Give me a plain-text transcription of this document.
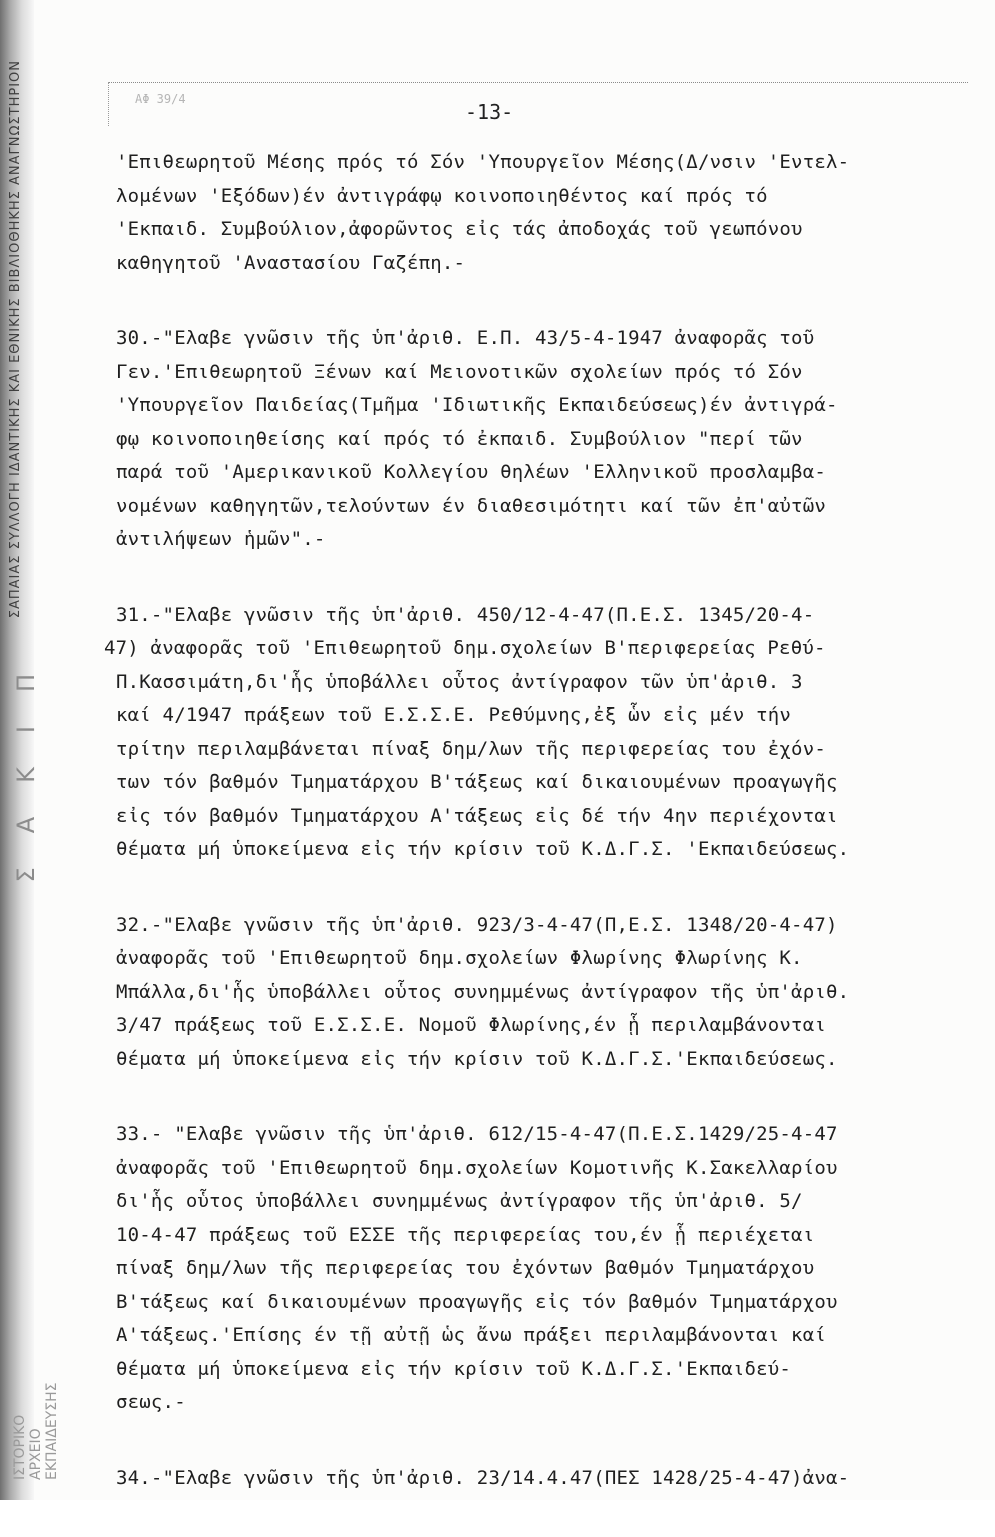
ΣΑΠΑΙΑΣ ΣΥΛΛΟΓΗ ΙΔΑΝΤΙΚΗΣ ΚΑΙ ΕΘΝΙΚΗΣ ΒΙΒΛΙΟΘΗΚΗΣ ΑΝΑΓΝΩΣΤΗΡΙΟΝ
ΣΑΚΙΠ
ΙΣΤΟΡΙΚΟ ΑΡΧΕΙΟ ΕΚΠΑΙΔΕΥΣΗΣ
ΑΦ 39/4
-13-
'Επιθεωρητοῦ Μέσης πρός τό Σόν 'Υπουργεῖον Μέσης(Δ/νσιν 'Εντελ-
λομένων 'Εξόδων)έν ἀντιγράφῳ κοινοποιηθέντος καί πρός τό
'Εκπαιδ. Συμβούλιον,ἀφορῶντος εἰς τάς ἀποδοχάς τοῦ γεωπόνου
καθηγητοῦ 'Αναστασίου Γαζέπη.-
30.-"Ελαβε γνῶσιν τῆς ὑπ'ἀριθ. Ε.Π. 43/5-4-1947 ἀναφορᾶς τοῦ
Γεν.'Επιθεωρητοῦ Ξένων καί Μειονοτικῶν σχολείων πρός τό Σόν
'Υπουργεῖον Παιδείας(Τμῆμα 'Ιδιωτικῆς Εκπαιδεύσεως)έν ἀντιγρά-
φῳ κοινοποιηθείσης καί πρός τό ἐκπαιδ. Συμβούλιον "περί τῶν
παρά τοῦ 'Αμερικανικοῦ Κολλεγίου θηλέων 'Ελληνικοῦ προσλαμβα-
νομένων καθηγητῶν,τελούντων έν διαθεσιμότητι καί τῶν ἐπ'αὐτῶν
ἀντιλήψεων ἡμῶν".-
31.-"Ελαβε γνῶσιν τῆς ὑπ'ἀριθ. 450/12-4-47(Π.Ε.Σ. 1345/20-4-
47) ἀναφορᾶς τοῦ 'Επιθεωρητοῦ δημ.σχολείων Β'περιφερείας Ρεθύ-
Π.Κασσιμάτη,δι'ἧς ὑποβάλλει οὗτος ἀντίγραφον τῶν ὑπ'ἀριθ. 3
καί 4/1947 πράξεων τοῦ Ε.Σ.Σ.Ε. Ρεθύμνης,ἐξ ὧν εἰς μέν τήν
τρίτην περιλαμβάνεται πίναξ δημ/λων τῆς περιφερείας του ἐχόν-
των τόν βαθμόν Τμηματάρχου Β'τάξεως καί δικαιουμένων προαγωγῆς
εἰς τόν βαθμόν Τμηματάρχου Α'τάξεως εἰς δέ τήν 4ην περιέχονται
θέματα μή ὑποκείμενα εἰς τήν κρίσιν τοῦ Κ.Δ.Γ.Σ. 'Εκπαιδεύσεως.
32.-"Ελαβε γνῶσιν τῆς ὑπ'ἀριθ. 923/3-4-47(Π,Ε.Σ. 1348/20-4-47)
ἀναφορᾶς τοῦ 'Επιθεωρητοῦ δημ.σχολείων Φλωρίνης Φλωρίνης Κ.
Μπάλλα,δι'ἧς ὑποβάλλει οὗτος συνημμένως ἀντίγραφον τῆς ὑπ'ἀριθ.
3/47 πράξεως τοῦ Ε.Σ.Σ.Ε. Νομοῦ Φλωρίνης,έν ᾗ περιλαμβάνονται
θέματα μή ὑποκείμενα εἰς τήν κρίσιν τοῦ Κ.Δ.Γ.Σ.'Εκπαιδεύσεως.
33.- "Ελαβε γνῶσιν τῆς ὑπ'ἀριθ. 612/15-4-47(Π.Ε.Σ.1429/25-4-47
ἀναφορᾶς τοῦ 'Επιθεωρητοῦ δημ.σχολείων Κομοτινῆς Κ.Σακελλαρίου
δι'ἧς οὗτος ὑποβάλλει συνημμένως ἀντίγραφον τῆς ὑπ'ἀριθ. 5/
10-4-47 πράξεως τοῦ ΕΣΣΕ τῆς περιφερείας του,έν ᾗ περιέχεται
πίναξ δημ/λων τῆς περιφερείας του ἐχόντων βαθμόν Τμηματάρχου
Β'τάξεως καί δικαιουμένων προαγωγῆς εἰς τόν βαθμόν Τμηματάρχου
Α'τάξεως.'Επίσης έν τῇ αὐτῇ ὡς ἄνω πράξει περιλαμβάνονται καί
θέματα μή ὑποκείμενα εἰς τήν κρίσιν τοῦ Κ.Δ.Γ.Σ.'Εκπαιδεύ-
σεως.-
34.-"Ελαβε γνῶσιν τῆς ὑπ'ἀριθ. 23/14.4.47(ΠΕΣ 1428/25-4-47)ἀνα-
